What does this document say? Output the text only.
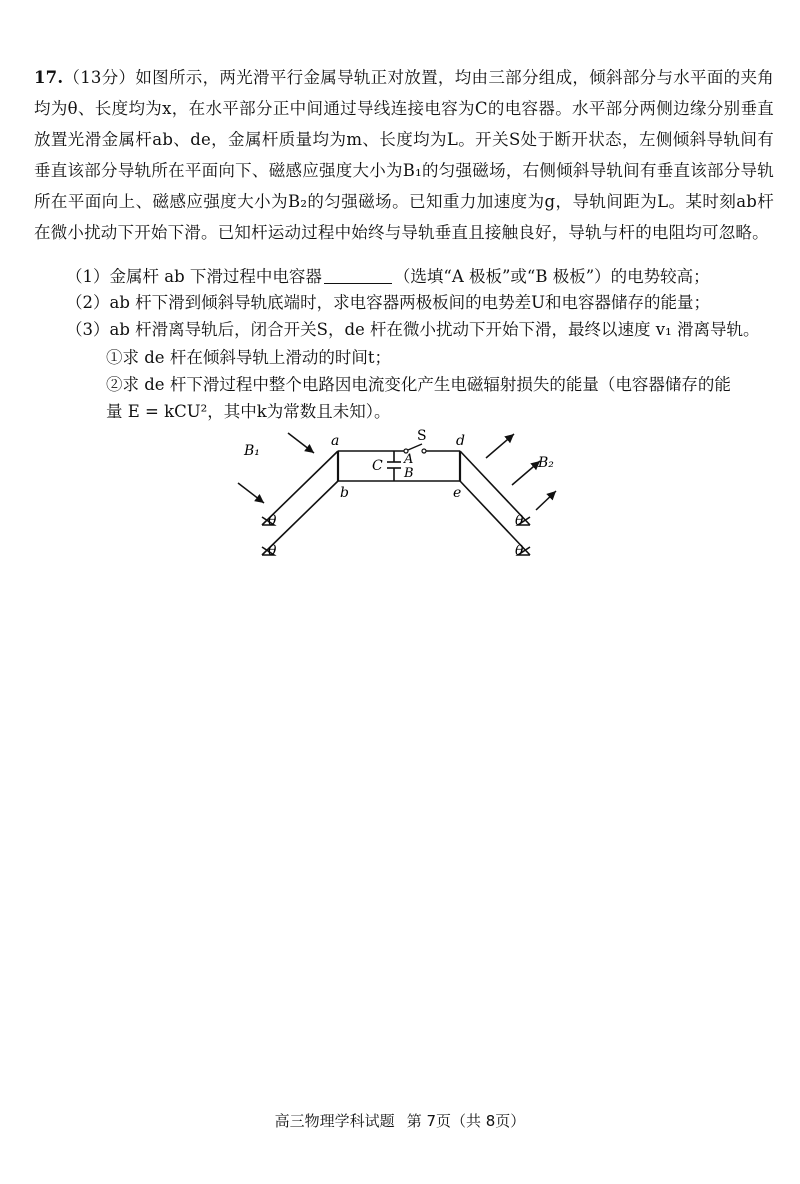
17.（13分）如图所示，两光滑平行金属导轨正对放置，均由三部分组成，倾斜部分与水平面的夹角均为θ、长度均为x，在水平部分正中间通过导线连接电容为C的电容器。水平部分两侧边缘分别垂直放置光滑金属杆ab、de，金属杆质量均为m、长度均为L。开关S处于断开状态，左侧倾斜导轨间有垂直该部分导轨所在平面向下、磁感应强度大小为B₁的匀强磁场，右侧倾斜导轨间有垂直该部分导轨所在平面向上、磁感应强度大小为B₂的匀强磁场。已知重力加速度为g，导轨间距为L。某时刻ab杆在微小扰动下开始下滑。已知杆运动过程中始终与导轨垂直且接触良好，导轨与杆的电阻均可忽略。
（1）金属杆 ab 下滑过程中电容器	（选填“A 极板”或“B 极板”）的电势较高；
（2）ab 杆下滑到倾斜导轨底端时，求电容器两极板间的电势差U和电容器储存的能量；
（3）ab 杆滑离导轨后，闭合开关S，de 杆在微小扰动下开始下滑，最终以速度 v₁ 滑离导轨。
①求 de 杆在倾斜导轨上滑动的时间t；
②求 de 杆下滑过程中整个电路因电流变化产生电磁辐射损失的能量（电容器储存的能
量 E = kCU²，其中k为常数且未知）。
a
b
d
e
S
C A
B
B₁
B₂
θ
θ
θ
θ
高三物理学科试题 第 7页（共 8页）
